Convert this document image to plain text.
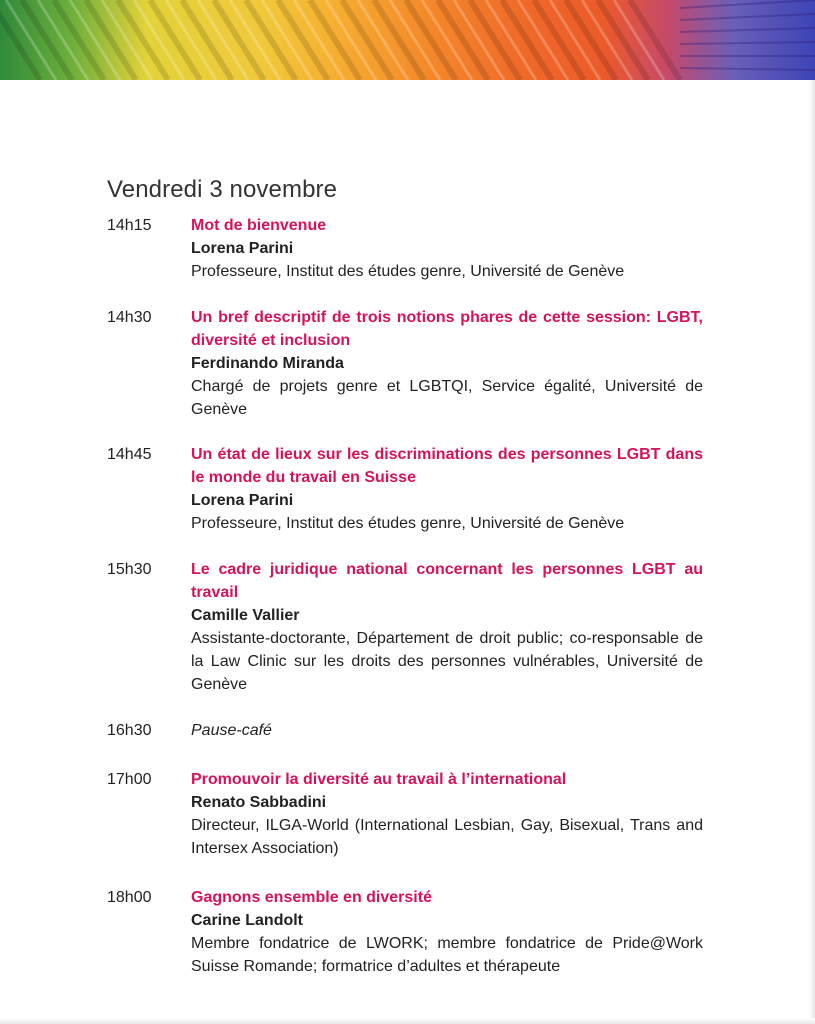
Vendredi 3 novembre
14h15	Mot de bienvenue
Lorena Parini
Professeure, Institut des études genre, Université de Genève
14h30	Un bref descriptif de trois notions phares de cette session: LGBT, diversité et inclusion
Ferdinando Miranda
Chargé de projets genre et LGBTQI, Service égalité, Université de Genève
14h45	Un état de lieux sur les discriminations des personnes LGBT dans le monde du travail en Suisse
Lorena Parini
Professeure, Institut des études genre, Université de Genève
15h30	Le cadre juridique national concernant les personnes LGBT au travail
Camille Vallier
Assistante-doctorante, Département de droit public; co-responsable de la Law Clinic sur les droits des personnes vulnérables, Université de Genève
16h30	Pause-café
17h00	Promouvoir la diversité au travail à l’international
Renato Sabbadini
Directeur, ILGA-World (International Lesbian, Gay, Bisexual, Trans and Intersex Association)
18h00	Gagnons ensemble en diversité
Carine Landolt
Membre fondatrice de LWORK; membre fondatrice de Pride@Work Suisse Romande; formatrice d’adultes et thérapeute
